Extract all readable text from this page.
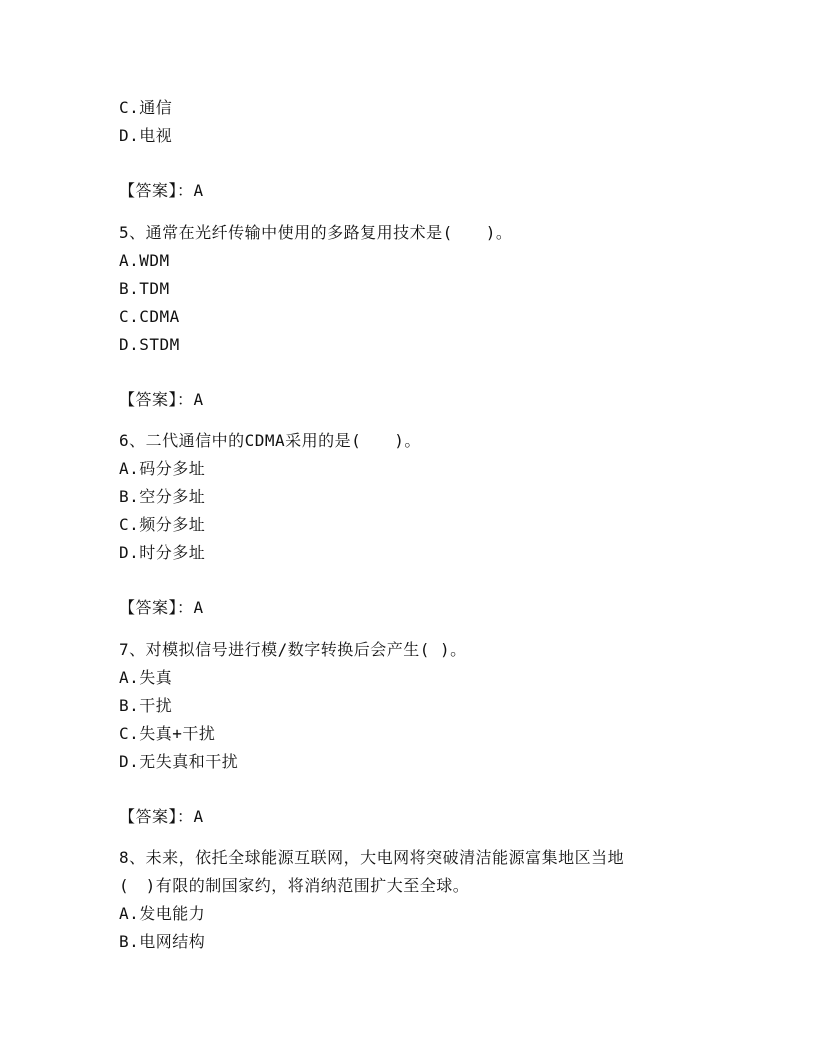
C.通信
D.电视
【答案】：A
5、通常在光纤传输中使用的多路复用技术是(　　)。
A.WDM
B.TDM
C.CDMA
D.STDM
【答案】：A
6、二代通信中的CDMA采用的是(　　)。
A.码分多址
B.空分多址
C.频分多址
D.时分多址
【答案】：A
7、对模拟信号进行模/数字转换后会产生( )。
A.失真
B.干扰
C.失真+干扰
D.无失真和干扰
【答案】：A
8、未来，依托全球能源互联网，大电网将突破清洁能源富集地区当地
(　)有限的制国家约，将消纳范围扩大至全球。
A.发电能力
B.电网结构
